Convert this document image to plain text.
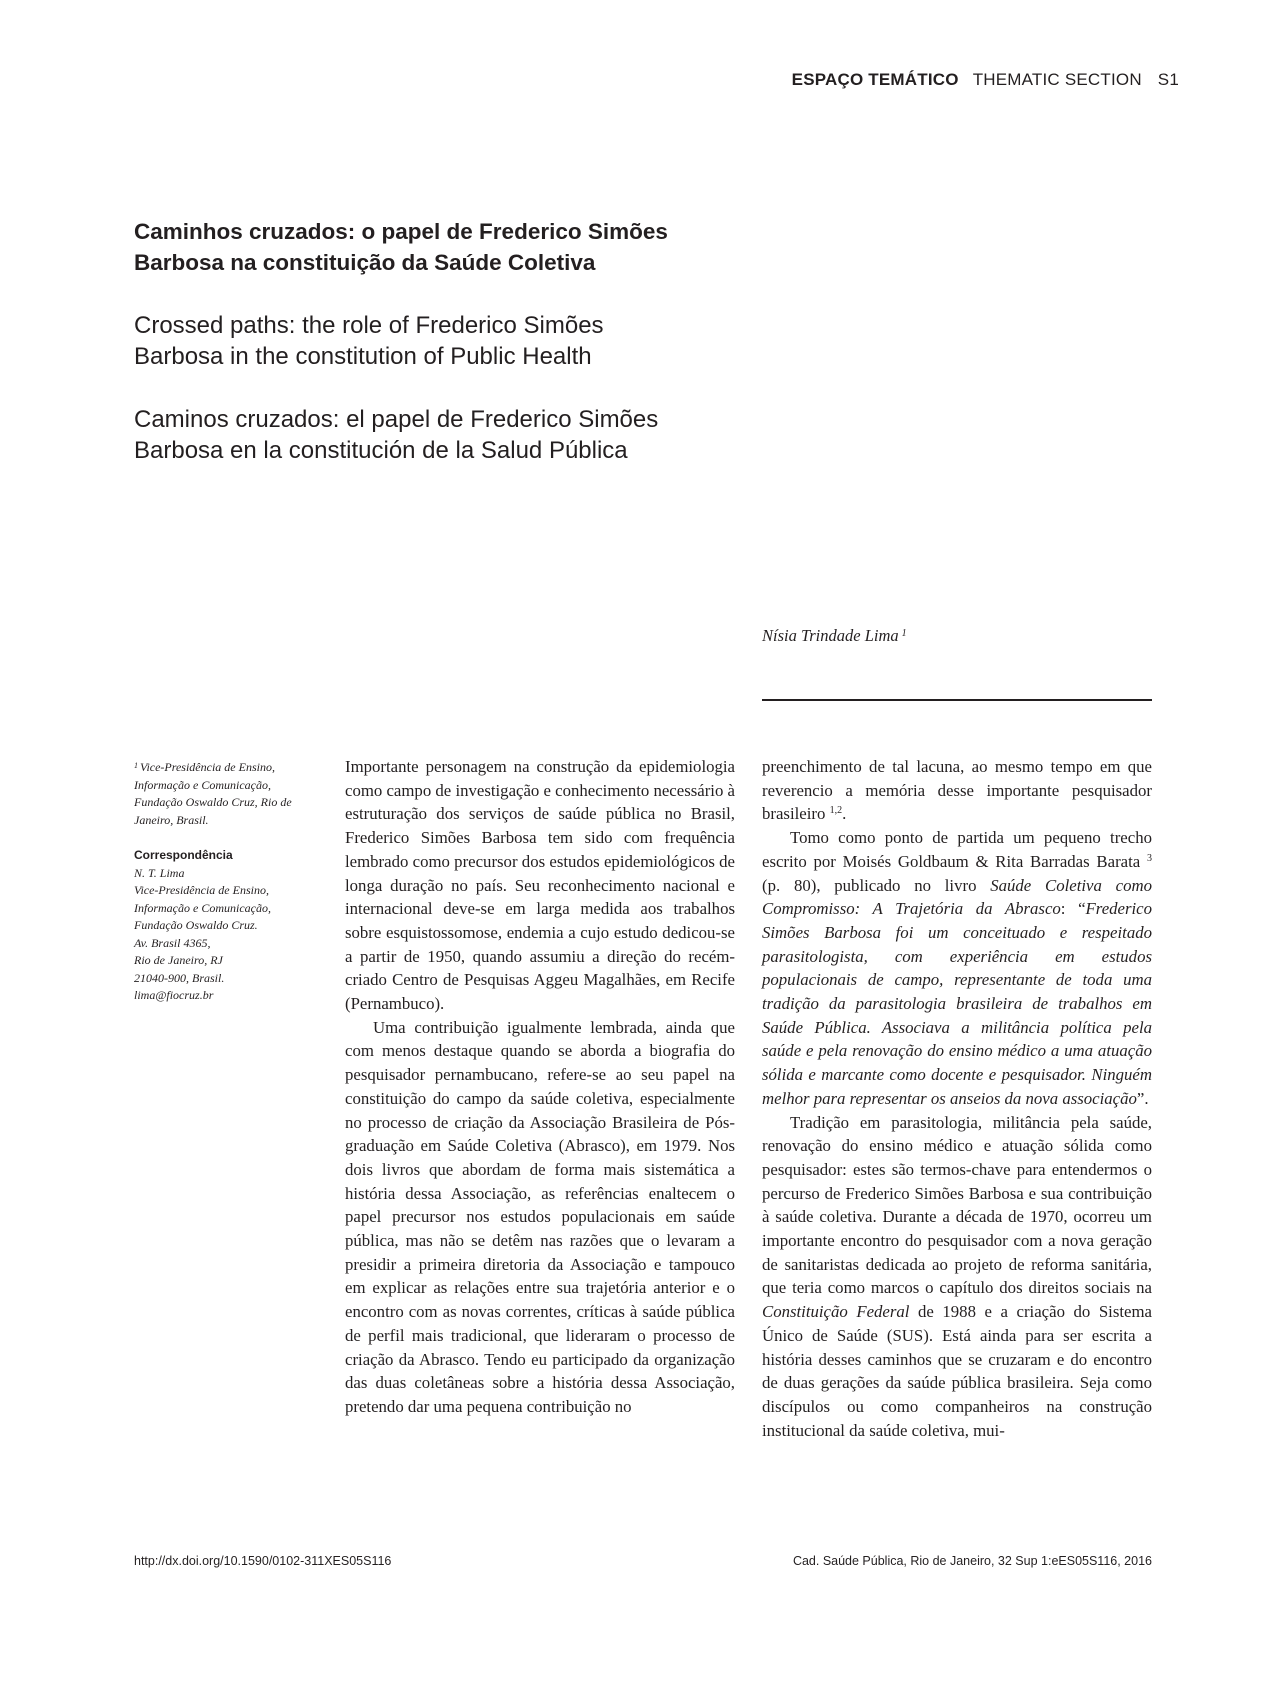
ESPAÇO TEMÁTICO THEMATIC SECTION S1
Caminhos cruzados: o papel de Frederico Simões
Barbosa na constituição da Saúde Coletiva
Crossed paths: the role of Frederico Simões
Barbosa in the constitution of Public Health
Caminos cruzados: el papel de Frederico Simões
Barbosa en la constitución de la Salud Pública
Nísia Trindade Lima $^1$

$^1$ Vice-Presidência de Ensino, Informação e Comunicação, Fundação Oswaldo Cruz, Rio de Janeiro, Brasil.

Correspondência

N. T. Lima
Vice-Presidência de Ensino,
Informação e Comunicação,
Fundação Oswaldo Cruz.
Av. Brasil 4365,
Rio de Janeiro, RJ
21040-900, Brasil.
lima@fiocruz.br

Importante personagem na construção da epidemiologia como campo de investigação e conhecimento necessário à estruturação dos serviços de saúde pública no Brasil, Frederico Simões Barbosa tem sido com frequência lembrado como precursor dos estudos epidemiológicos de longa duração no país. Seu reconhecimento nacional e internacional deve-se em larga medida aos trabalhos sobre esquistossomose, endemia a cujo estudo dedicou-se a partir de 1950, quando assumiu a direção do recém-criado Centro de Pesquisas Aggeu Magalhães, em Recife (Pernambuco).

Uma contribuição igualmente lembrada, ainda que com menos destaque quando se aborda a biografia do pesquisador pernambucano, refere-se ao seu papel na constituição do campo da saúde coletiva, especialmente no processo de criação da Associação Brasileira de Pós-graduação em Saúde Coletiva (Abrasco), em 1979. Nos dois livros que abordam de forma mais sistemática a história dessa Associação, as referências enaltecem o papel precursor nos estudos populacionais em saúde pública, mas não se detêm nas razões que o levaram a presidir a primeira diretoria da Associação e tampouco em explicar as relações entre sua trajetória anterior e o encontro com as novas correntes, críticas à saúde pública de perfil mais tradicional, que lideraram o processo de criação da Abrasco. Tendo eu participado da organização das duas coletâneas sobre a história dessa Associação, pretendo dar uma pequena contribuição no

preenchimento de tal lacuna, ao mesmo tempo em que reverencio a memória desse importante pesquisador brasileiro $^{1,2}$.

Tomo como ponto de partida um pequeno trecho escrito por Moisés Goldbaum & Rita Barradas Barata $^3$ (p. 80), publicado no livro Saúde Coletiva como Compromisso: A Trajetória da Abrasco: “Frederico Simões Barbosa foi um conceituado e respeitado parasitologista, com experiência em estudos populacionais de campo, representante de toda uma tradição da parasitologia brasileira de trabalhos em Saúde Pública. Associava a militância política pela saúde e pela renovação do ensino médico a uma atuação sólida e marcante como docente e pesquisador. Ninguém melhor para representar os anseios da nova associação”.

Tradição em parasitologia, militância pela saúde, renovação do ensino médico e atuação sólida como pesquisador: estes são termos-chave para entendermos o percurso de Frederico Simões Barbosa e sua contribuição à saúde coletiva. Durante a década de 1970, ocorreu um importante encontro do pesquisador com a nova geração de sanitaristas dedicada ao projeto de reforma sanitária, que teria como marcos o capítulo dos direitos sociais na Constituição Federal de 1988 e a criação do Sistema Único de Saúde (SUS). Está ainda para ser escrita a história desses caminhos que se cruzaram e do encontro de duas gerações da saúde pública brasileira. Seja como discípulos ou como companheiros na construção institucional da saúde coletiva, mui-

http://dx.doi.org/10.1590/0102-311XES05S116	Cad. Saúde Pública, Rio de Janeiro, 32 Sup 1:eES05S116, 2016
